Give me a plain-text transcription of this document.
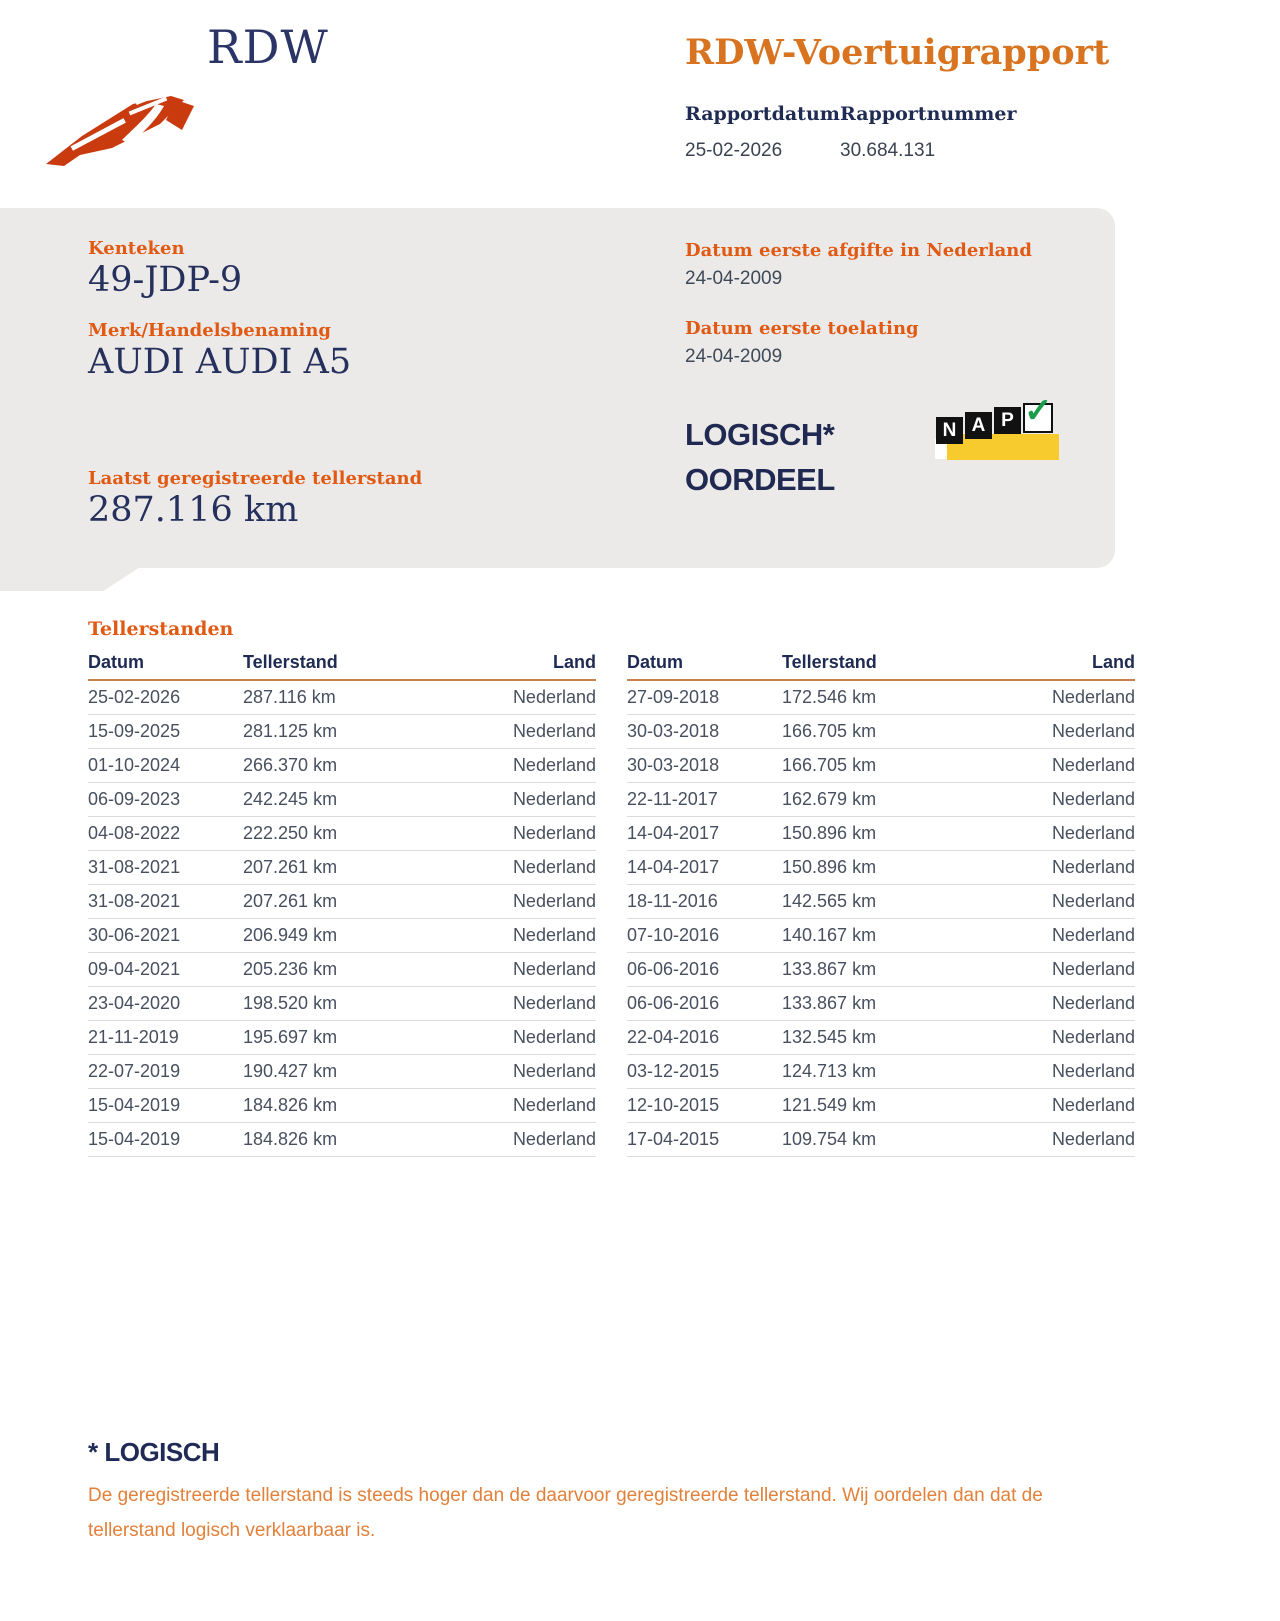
RDW	RDW-Voertuigrapport
Rapportdatum Rapportnummer
25-02-2026	30.684.131
Kenteken
49-JDP-9
Merk/Handelsbenaming
AUDI AUDI A5
Laatst geregistreerde tellerstand
287.116 km
Datum eerste afgifte in Nederland
24-04-2009
Datum eerste toelating
24-04-2009
LOGISCH*
OORDEEL
N A P ✓
Tellerstanden
Datum	Tellerstand	Land
25-02-2026	287.116 km	Nederland
15-09-2025	281.125 km	Nederland
01-10-2024	266.370 km	Nederland
06-09-2023	242.245 km	Nederland
04-08-2022	222.250 km	Nederland
31-08-2021	207.261 km	Nederland
31-08-2021	207.261 km	Nederland
30-06-2021	206.949 km	Nederland
09-04-2021	205.236 km	Nederland
23-04-2020	198.520 km	Nederland
21-11-2019	195.697 km	Nederland
22-07-2019	190.427 km	Nederland
15-04-2019	184.826 km	Nederland
15-04-2019	184.826 km	Nederland
Datum	Tellerstand	Land
27-09-2018	172.546 km	Nederland
30-03-2018	166.705 km	Nederland
30-03-2018	166.705 km	Nederland
22-11-2017	162.679 km	Nederland
14-04-2017	150.896 km	Nederland
14-04-2017	150.896 km	Nederland
18-11-2016	142.565 km	Nederland
07-10-2016	140.167 km	Nederland
06-06-2016	133.867 km	Nederland
06-06-2016	133.867 km	Nederland
22-04-2016	132.545 km	Nederland
03-12-2015	124.713 km	Nederland
12-10-2015	121.549 km	Nederland
17-04-2015	109.754 km	Nederland
* LOGISCH
De geregistreerde tellerstand is steeds hoger dan de daarvoor geregistreerde tellerstand. Wij oordelen dan dat de tellerstand logisch verklaarbaar is.
